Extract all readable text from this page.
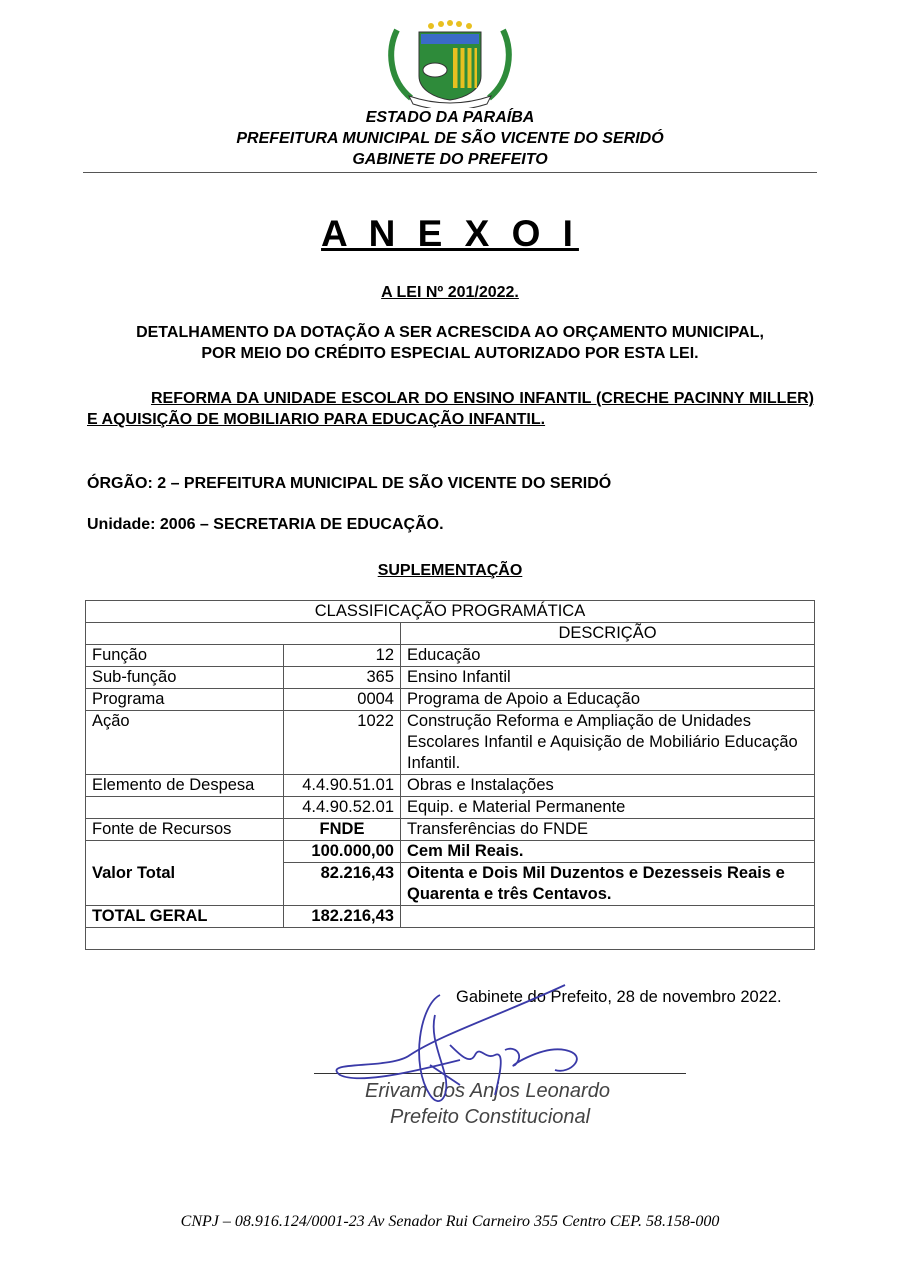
ESTADO DA PARAÍBA
PREFEITURA MUNICIPAL DE SÃO VICENTE DO SERIDÓ
GABINETE DO PREFEITO
A N E X O I
A LEI Nº 201/2022.
DETALHAMENTO DA DOTAÇÃO A SER ACRESCIDA AO ORÇAMENTO MUNICIPAL,
POR MEIO DO CRÉDITO ESPECIAL AUTORIZADO POR ESTA LEI.
REFORMA DA UNIDADE ESCOLAR DO ENSINO INFANTIL (CRECHE PACINNY MILLER) E AQUISIÇÃO DE MOBILIARIO PARA EDUCAÇÃO INFANTIL.
ÓRGÃO: 2 – PREFEITURA MUNICIPAL DE SÃO VICENTE DO SERIDÓ
Unidade: 2006 – SECRETARIA DE EDUCAÇÃO.
SUPLEMENTAÇÃO
CLASSIFICAÇÃO PROGRAMÁTICA		
		DESCRIÇÃO
Função	12	Educação
Sub-função	365	Ensino Infantil
Programa	0004	Programa de Apoio a Educação
Ação	1022	Construção Reforma e Ampliação de Unidades Escolares Infantil e Aquisição de Mobiliário Educação Infantil.
Elemento de Despesa	4.4.90.51.01	Obras e Instalações
	4.4.90.52.01	Equip. e Material Permanente
Fonte de Recursos	FNDE	Transferências do FNDE
Valor Total	100.000,00	Cem Mil Reais.
	82.216,43	Oitenta e Dois Mil Duzentos e Dezesseis Reais e Quarenta e três Centavos.
TOTAL GERAL	182.216,43	

Gabinete do Prefeito, 28 de novembro 2022.
Erivam dos Anjos Leonardo
Prefeito Constitucional
CNPJ – 08.916.124/0001-23 Av Senador Rui Carneiro 355 Centro CEP. 58.158-000
